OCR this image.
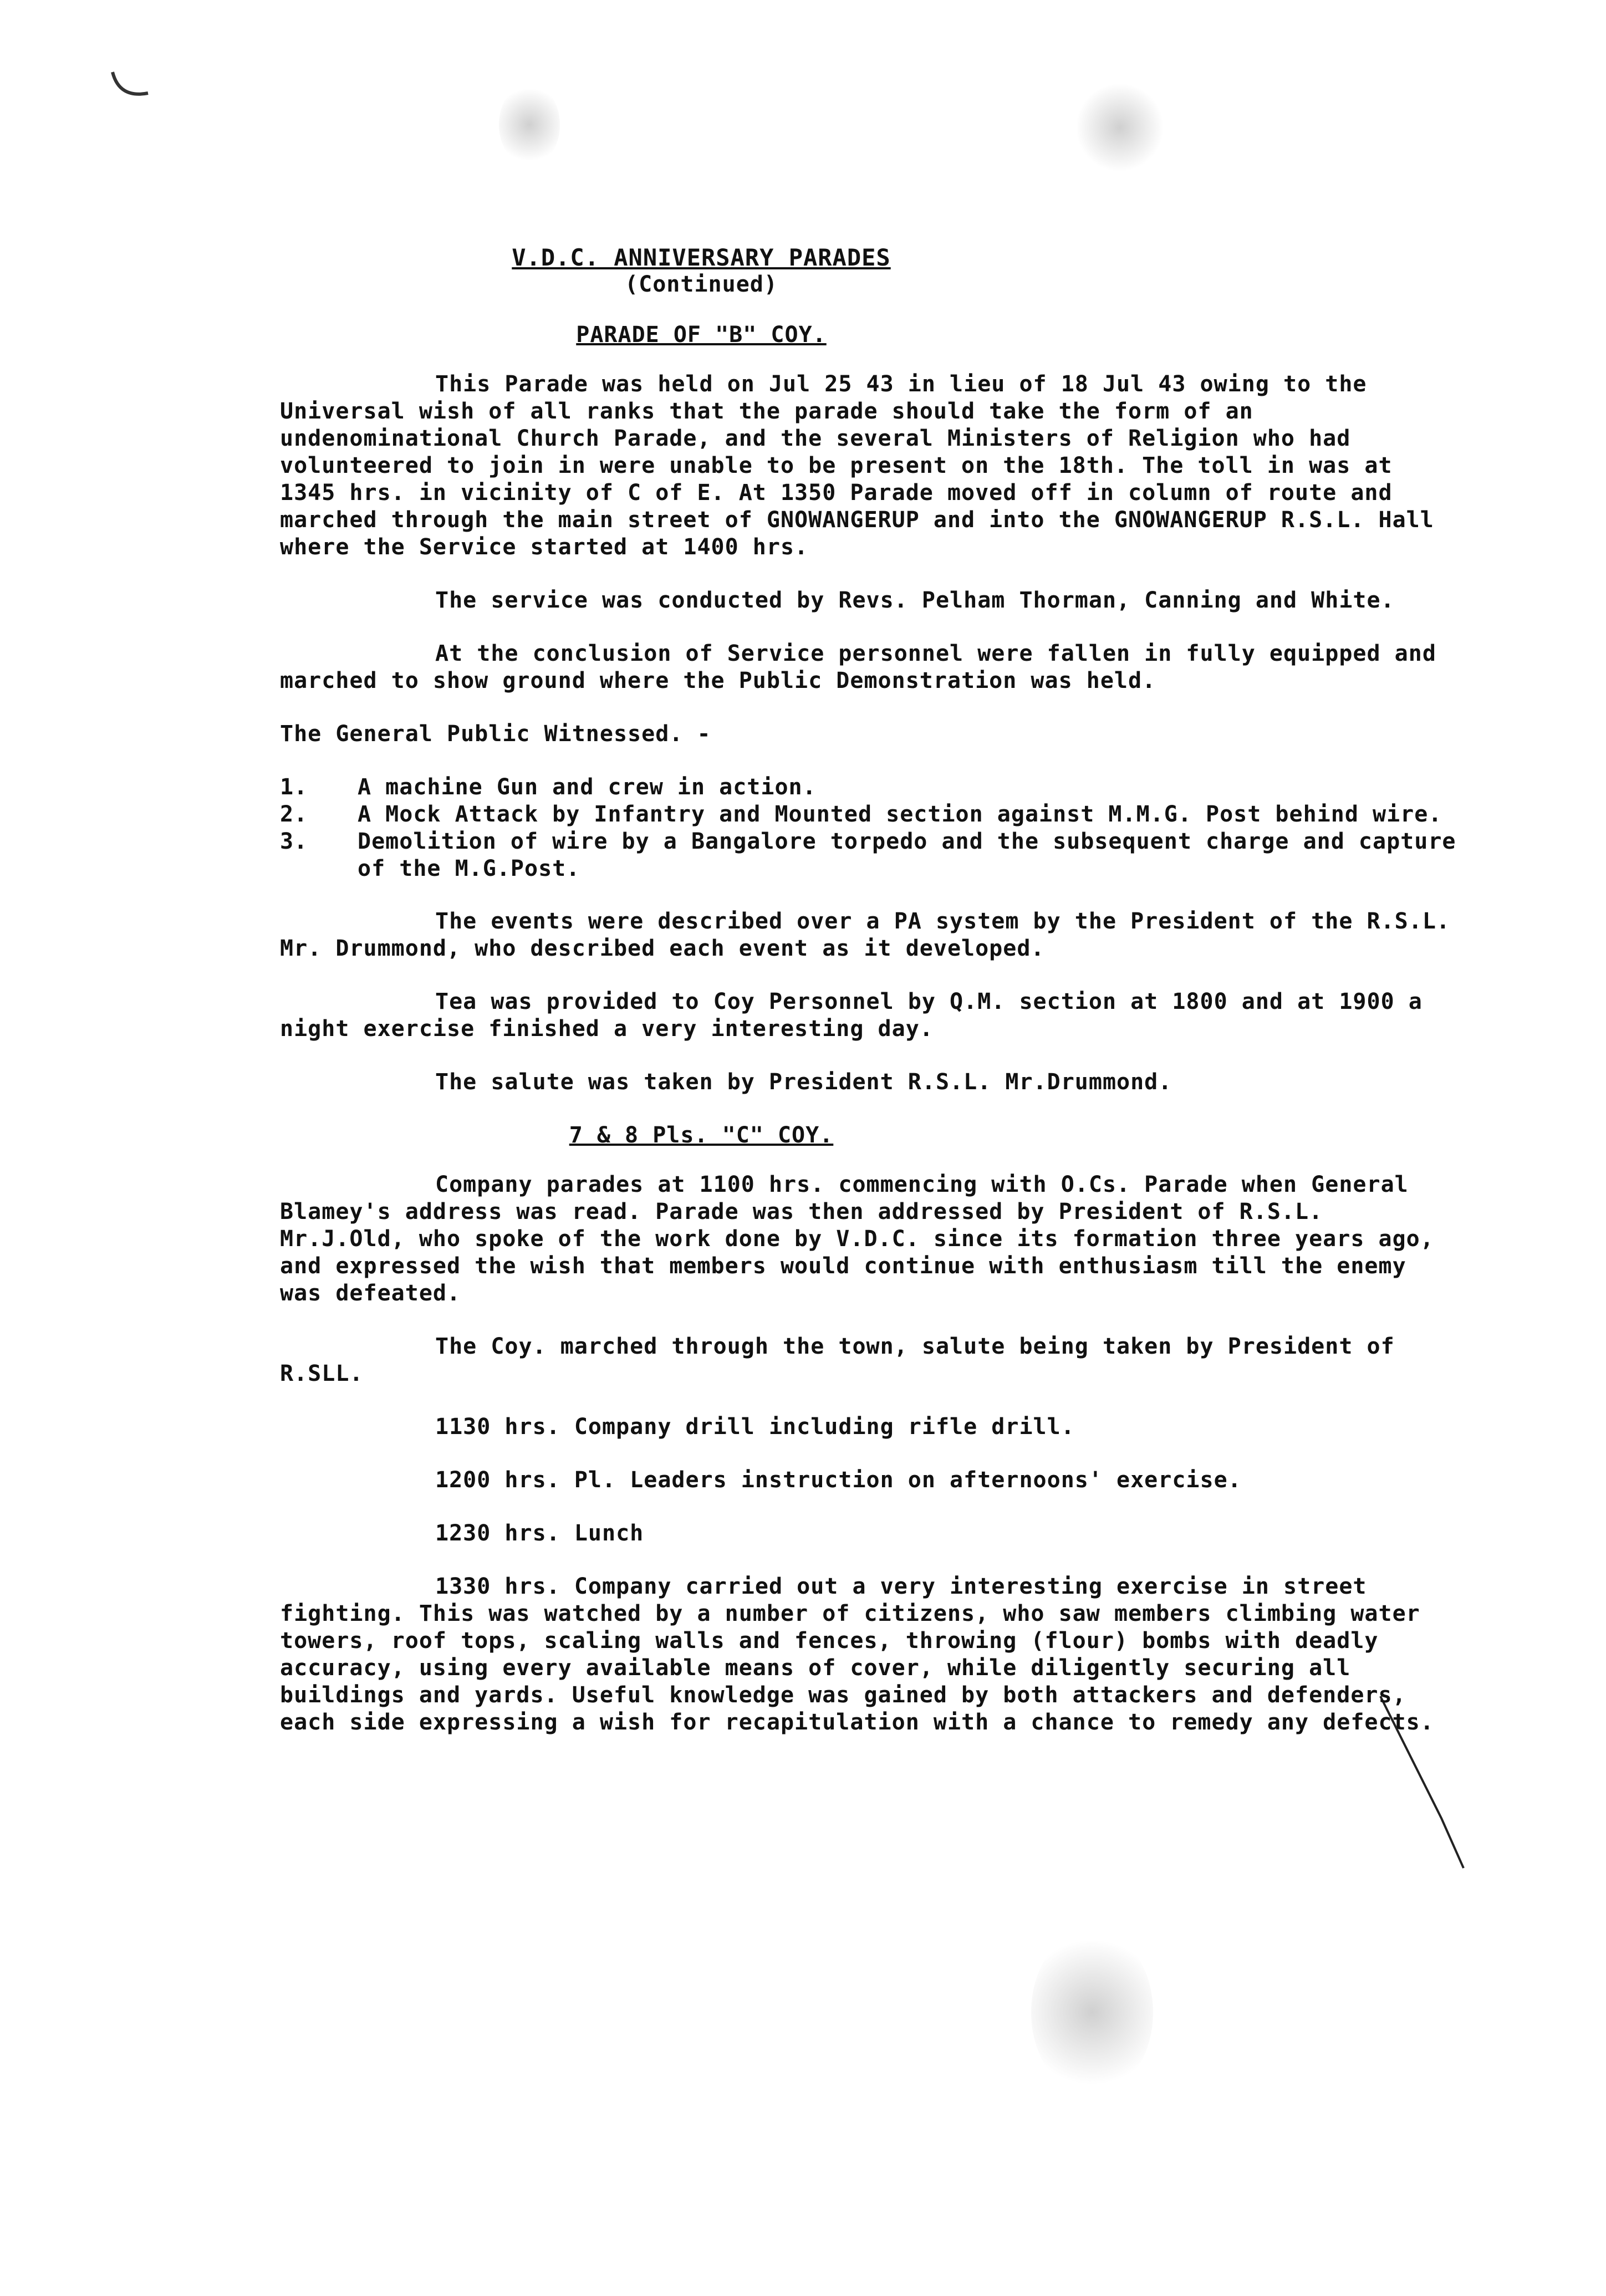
V.D.C. ANNIVERSARY PARADES
(Continued)
PARADE OF "B" COY.

This Parade was held on Jul 25 43 in lieu of 18 Jul 43 owing to the Universal wish of all ranks that the parade should take the form of an undenominational Church Parade, and the several Ministers of Religion who had volunteered to join in were unable to be present on the 18th. The toll in was at 1345 hrs. in vicinity of C of E. At 1350 Parade moved off in column of route and marched through the main street of GNOWANGERUP and into the GNOWANGERUP R.S.L. Hall where the Service started at 1400 hrs.

The service was conducted by Revs. Pelham Thorman, Canning and White.

At the conclusion of Service personnel were fallen in fully equipped and marched to show ground where the Public Demonstration was held.

The General Public Witnessed. -

1.	A machine Gun and crew in action.
2.	A Mock Attack by Infantry and Mounted section against M.M.G. Post behind wire.
3.	Demolition of wire by a Bangalore torpedo and the subsequent charge and capture of the M.G.Post.

The events were described over a PA system by the President of the R.S.L. Mr. Drummond, who described each event as it developed.

Tea was provided to Coy Personnel by Q.M. section at 1800 and at 1900 a night exercise finished a very interesting day.

The salute was taken by President R.S.L. Mr.Drummond.

7 & 8 Pls. "C" COY.

Company parades at 1100 hrs. commencing with O.Cs. Parade when General Blamey's address was read. Parade was then addressed by President of R.S.L. Mr.J.Old, who spoke of the work done by V.D.C. since its formation three years ago, and expressed the wish that members would continue with enthusiasm till the enemy was defeated.

The Coy. marched through the town, salute being taken by President of R.SLL.

1130 hrs. Company drill including rifle drill.

1200 hrs. Pl. Leaders instruction on afternoons' exercise.

1230 hrs. Lunch

1330 hrs. Company carried out a very interesting exercise in street fighting. This was watched by a number of citizens, who saw members climbing water towers, roof tops, scaling walls and fences, throwing (flour) bombs with deadly accuracy, using every available means of cover, while diligently securing all buildings and yards. Useful knowledge was gained by both attackers and defenders, each side expressing a wish for recapitulation with a chance to remedy any defects.
